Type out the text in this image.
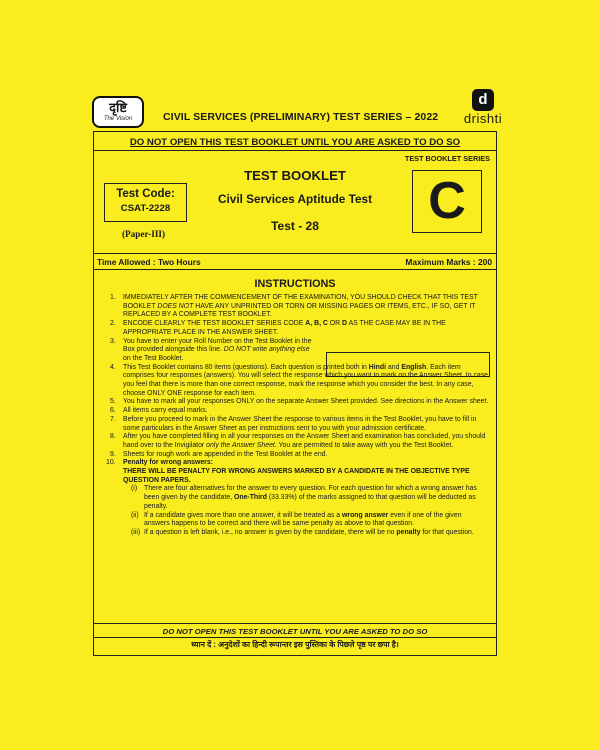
दृष्टि
The Vision	CIVIL SERVICES (PRELIMINARY) TEST SERIES – 2022
d
drishti
DO NOT OPEN THIS TEST BOOKLET UNTIL YOU ARE ASKED TO DO SO
TEST BOOKLET SERIES
TEST BOOKLET
Civil Services Aptitude Test
Test - 28
Test Code:
CSAT-2228
(Paper-III)
C
Time Allowed : Two Hours	Maximum Marks : 200
INSTRUCTIONS
1. IMMEDIATELY AFTER THE COMMENCEMENT OF THE EXAMINATION, YOU SHOULD CHECK THAT THIS TEST BOOKLET DOES NOT HAVE ANY UNPRINTED OR TORN OR MISSING PAGES OR ITEMS, ETC., IF SO, GET IT REPLACED BY A COMPLETE TEST BOOKLET.
2. ENCODE CLEARLY THE TEST BOOKLET SERIES CODE A, B, C OR D AS THE CASE MAY BE IN THE APPROPRIATE PLACE IN THE ANSWER SHEET.
3. You have to enter your Roll Number on the Test Booklet in the Box provided alongside this line. DO NOT write anything else on the Test Booklet.
4. This Test Booklet contains 80 items (questions). Each question is printed both in Hindi and English. Each item comprises four responses (answers). You will select the response which you want to mark on the Answer Sheet. In case you feel that there is more than one correct response, mark the response which you consider the best. In any case, choose ONLY ONE response for each item.
5. You have to mark all your responses ONLY on the separate Answer Sheet provided. See directions in the Answer sheet.
6. All items carry equal marks.
7. Before you proceed to mark in the Answer Sheet the response to various items in the Test Booklet, you have to fill in some particulars in the Answer Sheet as per instructions sent to you with your admission certificate.
8. After you have completed filling in all your responses on the Answer Sheet and examination has concluded, you should hand over to the Invigilator only the Answer Sheet. You are permitted to take away with you the Test Booklet.
9. Sheets for rough work are appended in the Test Booklet at the end.
10. Penalty for wrong answers:
THERE WILL BE PENALTY FOR WRONG ANSWERS MARKED BY A CANDIDATE IN THE OBJECTIVE TYPE QUESTION PAPERS.
(i) There are four alternatives for the answer to every question. For each question for which a wrong answer has been given by the candidate, One-Third (33.33%) of the marks assigned to that question will be deducted as penalty.
(ii) If a candidate gives more than one answer, it will be treated as a wrong answer even if one of the given answers happens to be correct and there will be same penalty as above to that question.
(iii) If a question is left blank, i.e., no answer is given by the candidate, there will be no penalty for that question.
DO NOT OPEN THIS TEST BOOKLET UNTIL YOU ARE ASKED TO DO SO
ध्यान दें : अनुदेशों का हिन्दी रूपान्तर इस पुस्तिका के पिछले पृष्ठ पर छपा है।
